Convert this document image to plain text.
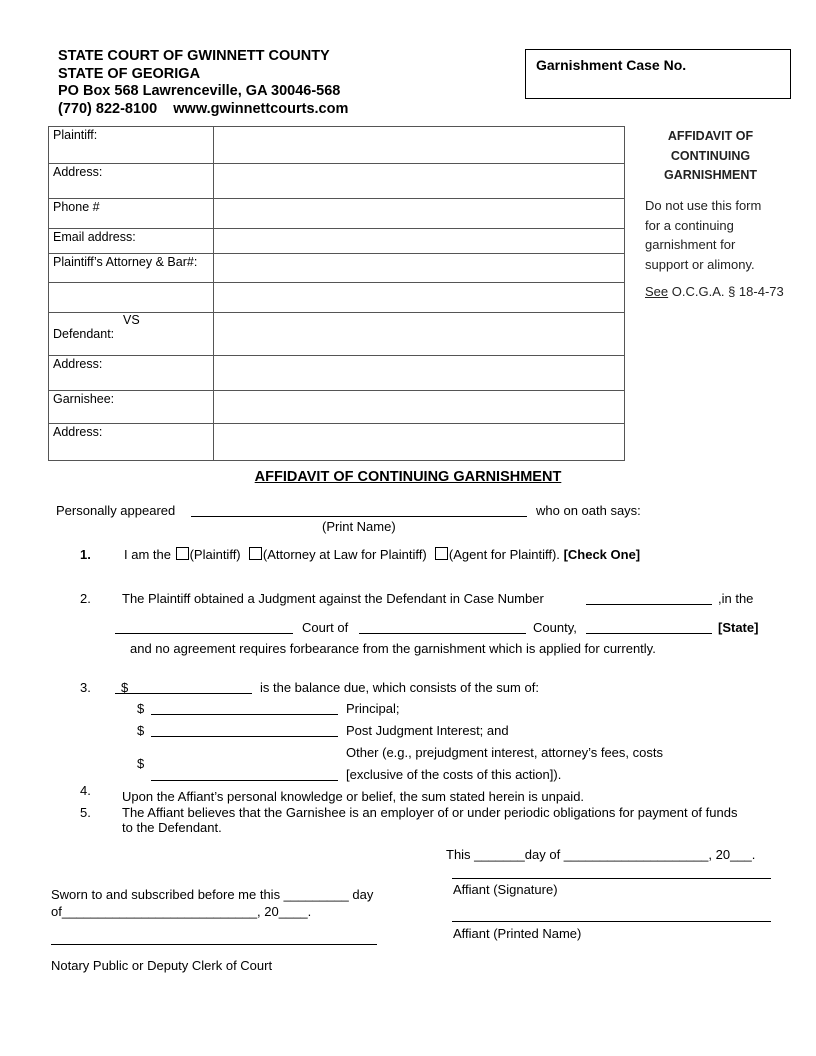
STATE COURT OF GWINNETT COUNTY
STATE OF GEORIGA
PO Box 568 Lawrenceville, GA 30046-568
(770) 822-8100    www.gwinnettcourts.com
Garnishment Case No.
Plaintiff:	
Address:	
Phone #	
Email address:	
Plaintiff’s Attorney & Bar#:	

VS
Defendant:	

Address:	
Garnishee:	
Address:	
AFFIDAVIT OF
CONTINUING
GARNISHMENT
Do not use this form
for a continuing
garnishment for
support or alimony.
See O.C.G.A. § 18-4-73
AFFIDAVIT OF CONTINUING GARNISHMENT
Personally appeared	who on oath says:
(Print Name)
1.	I am the (Plaintiff) (Attorney at Law for Plaintiff) (Agent for Plaintiff). [Check One]
2. The Plaintiff obtained a Judgment against the Defendant in Case Number	,in the
Court of	County,	[State]
and no agreement requires forbearance from the garnishment which is applied for currently.
3. $	is the balance due, which consists of the sum of:
$	Principal;
$	Post Judgment Interest; and
$
Other (e.g., prejudgment interest, attorney’s fees, costs
[exclusive of the costs of this action]).
4. Upon the Affiant’s personal knowledge or belief, the sum stated herein is unpaid.
5. The Affiant believes that the Garnishee is an employer of or under periodic obligations for payment of funds
to the Defendant.
This _______day of ____________________, 20___.
Affiant (Signature)
Affiant (Printed Name)
Sworn to and subscribed before me this _________ day
of___________________________, 20____.
Notary Public or Deputy Clerk of Court
